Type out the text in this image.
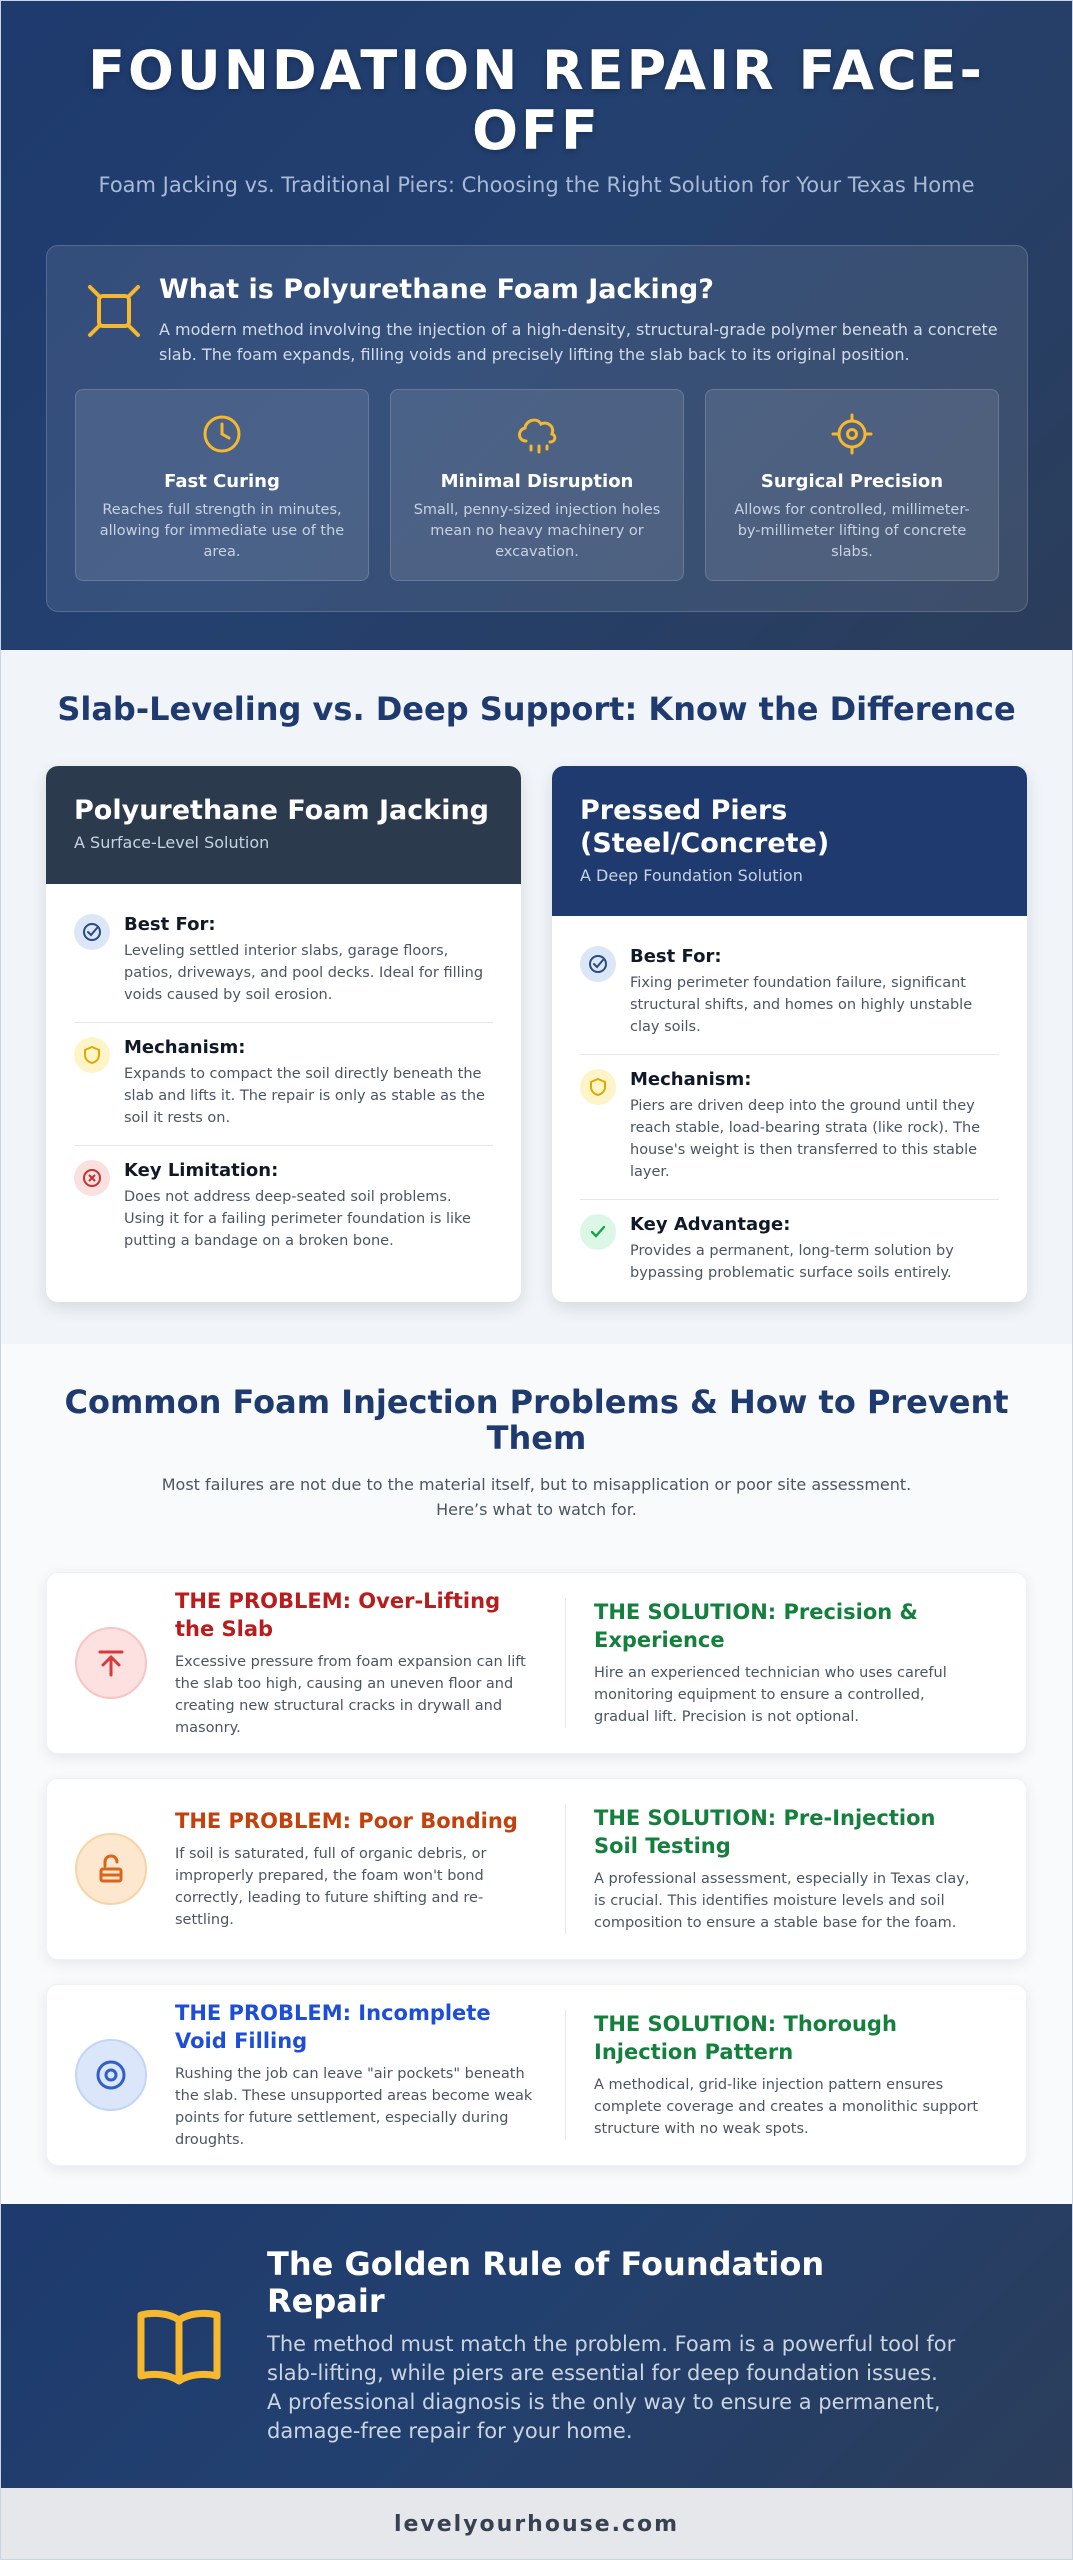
FOUNDATION REPAIR FACE-OFF
Foam Jacking vs. Traditional Piers: Choosing the Right Solution for Your Texas Home
What is Polyurethane Foam Jacking?

A modern method involving the injection of a high-density, structural-grade polymer beneath a concrete slab. The foam expands, filling voids and precisely lifting the slab back to its original position.

Fast Curing

Reaches full strength in minutes, allowing for immediate use of the area.

Minimal Disruption

Small, penny-sized injection holes mean no heavy machinery or excavation.

Surgical Precision

Allows for controlled, millimeter-by-millimeter lifting of concrete slabs.

Slab-Leveling vs. Deep Support: Know the Difference
Polyurethane Foam Jacking
A Surface-Level Solution
Best For:

Leveling settled interior slabs, garage floors, patios, driveways, and pool decks. Ideal for filling voids caused by soil erosion.

Mechanism:

Expands to compact the soil directly beneath the slab and lifts it. The repair is only as stable as the soil it rests on.

Key Limitation:

Does not address deep-seated soil problems. Using it for a failing perimeter foundation is like putting a bandage on a broken bone.

Pressed Piers (Steel/Concrete)
A Deep Foundation Solution
Best For:

Fixing perimeter foundation failure, significant structural shifts, and homes on highly unstable clay soils.

Mechanism:

Piers are driven deep into the ground until they reach stable, load-bearing strata (like rock). The house's weight is then transferred to this stable layer.

Key Advantage:

Provides a permanent, long-term solution by bypassing problematic surface soils entirely.

Common Foam Injection Problems & How to Prevent Them

Most failures are not due to the material itself, but to misapplication or poor site assessment. Here’s what to watch for.

THE PROBLEM: Over-Lifting the Slab

Excessive pressure from foam expansion can lift the slab too high, causing an uneven floor and creating new structural cracks in drywall and masonry.

THE SOLUTION: Precision & Experience

Hire an experienced technician who uses careful monitoring equipment to ensure a controlled, gradual lift. Precision is not optional.

THE PROBLEM: Poor Bonding

If soil is saturated, full of organic debris, or improperly prepared, the foam won't bond correctly, leading to future shifting and re-settling.

THE SOLUTION: Pre-Injection Soil Testing

A professional assessment, especially in Texas clay, is crucial. This identifies moisture levels and soil composition to ensure a stable base for the foam.

THE PROBLEM: Incomplete Void Filling

Rushing the job can leave "air pockets" beneath the slab. These unsupported areas become weak points for future settlement, especially during droughts.

THE SOLUTION: Thorough Injection Pattern

A methodical, grid-like injection pattern ensures complete coverage and creates a monolithic support structure with no weak spots.

The Golden Rule of Foundation Repair

The method must match the problem. Foam is a powerful tool for slab-lifting, while piers are essential for deep foundation issues. A professional diagnosis is the only way to ensure a permanent, damage-free repair for your home.

levelyourhouse.com
